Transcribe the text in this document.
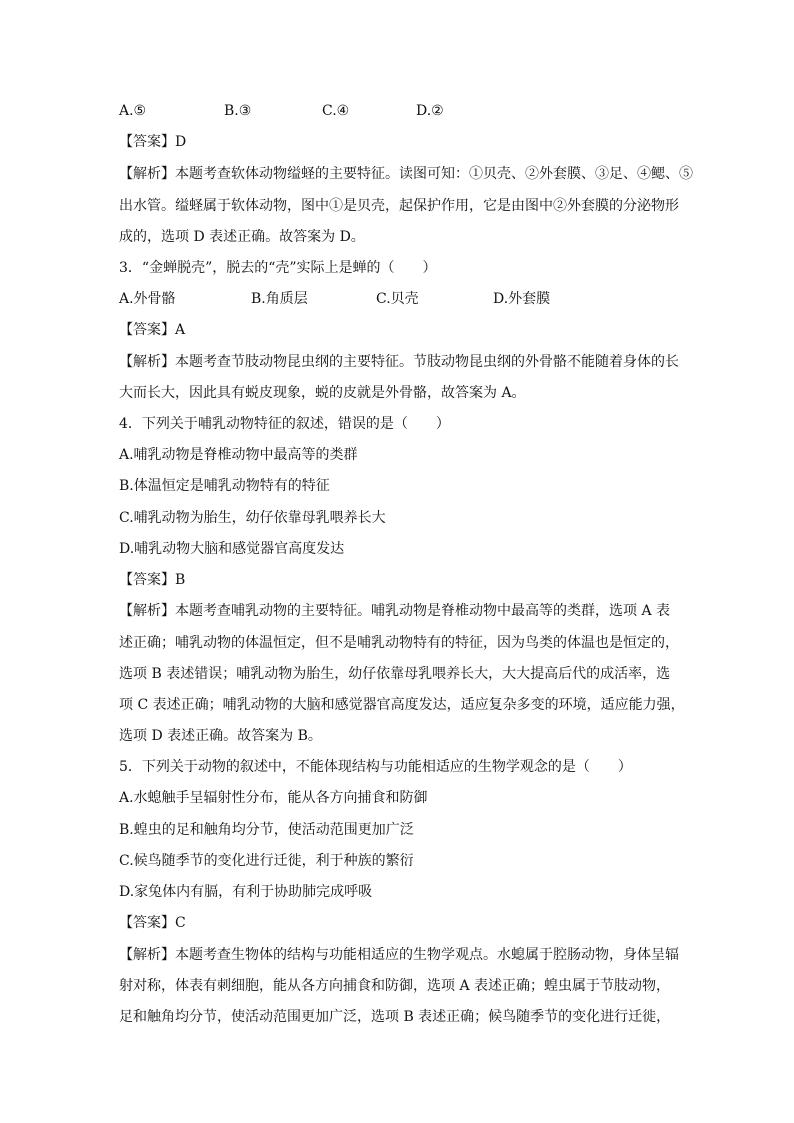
A.⑤	B.③	C.④	D.②
【答案】D
【解析】本题考查软体动物缢蛏的主要特征。读图可知：①贝壳、②外套膜、③足、④鳃、⑤
出水管。缢蛏属于软体动物，图中①是贝壳，起保护作用，它是由图中②外套膜的分泌物形
成的，选项 D 表述正确。故答案为 D。
3．“金蝉脱壳”，脱去的“壳”实际上是蝉的（　　）
A.外骨骼	B.角质层	C.贝壳	D.外套膜
【答案】A
【解析】本题考查节肢动物昆虫纲的主要特征。节肢动物昆虫纲的外骨骼不能随着身体的长
大而长大，因此具有蜕皮现象，蜕的皮就是外骨骼，故答案为 A。
4．下列关于哺乳动物特征的叙述，错误的是（　　）
A.哺乳动物是脊椎动物中最高等的类群
B.体温恒定是哺乳动物特有的特征
C.哺乳动物为胎生，幼仔依靠母乳喂养长大
D.哺乳动物大脑和感觉器官高度发达
【答案】B
【解析】本题考查哺乳动物的主要特征。哺乳动物是脊椎动物中最高等的类群，选项 A 表
述正确；哺乳动物的体温恒定，但不是哺乳动物特有的特征，因为鸟类的体温也是恒定的，
选项 B 表述错误；哺乳动物为胎生，幼仔依靠母乳喂养长大，大大提高后代的成活率，选
项 C 表述正确；哺乳动物的大脑和感觉器官高度发达，适应复杂多变的环境，适应能力强，
选项 D 表述正确。故答案为 B。
5．下列关于动物的叙述中，不能体现结构与功能相适应的生物学观念的是（　　）
A.水螅触手呈辐射性分布，能从各方向捕食和防御
B.蝗虫的足和触角均分节，使活动范围更加广泛
C.候鸟随季节的变化进行迁徙，利于种族的繁衍
D.家兔体内有膈，有利于协助肺完成呼吸
【答案】C
【解析】本题考查生物体的结构与功能相适应的生物学观点。水螅属于腔肠动物，身体呈辐
射对称，体表有刺细胞，能从各方向捕食和防御，选项 A 表述正确；蝗虫属于节肢动物，
足和触角均分节，使活动范围更加广泛，选项 B 表述正确；候鸟随季节的变化进行迁徙，
